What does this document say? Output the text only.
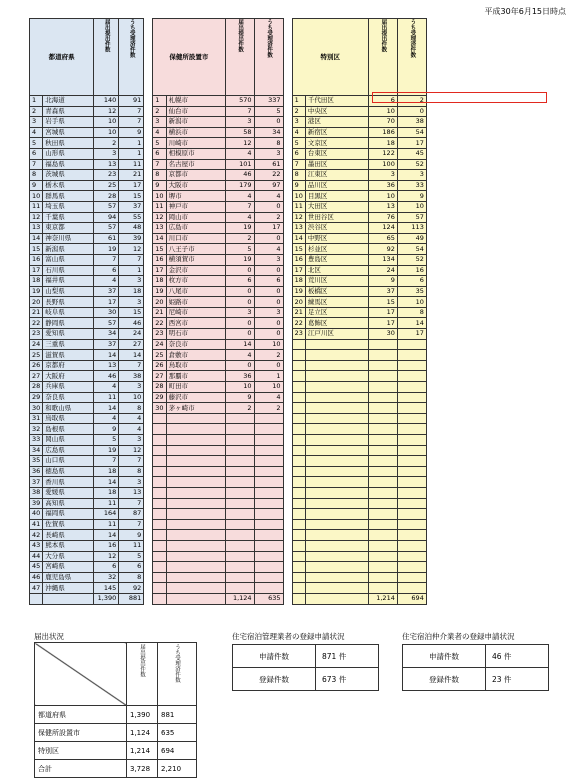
平成30年6月15日時点
都道府県		届出提出件数	うち受理済件数		保健所設置市		届出提出件数	うち受理済件数		特別区		届出提出件数	うち受理済件数
1	北海道	140	91		1	札幌市	570	337		1	千代田区	6	2
2	青森県	12	7		2	仙台市	7	5		2	中央区	10	0
3	岩手県	10	7		3	新潟市	3	0		3	港区	70	38
4	宮城県	10	9		4	横浜市	58	34		4	新宿区	186	54
5	秋田県	2	1		5	川崎市	12	8		5	文京区	18	17
6	山形県	3	1		6	相模原市	4	3		6	台東区	122	45
7	福島県	13	11		7	名古屋市	101	61		7	墨田区	100	52
8	茨城県	23	21		8	京都市	46	22		8	江東区	3	3
9	栃木県	25	17		9	大阪市	179	97		9	品川区	36	33
10	群馬県	28	15		10	堺市	4	4		10	目黒区	10	9
11	埼玉県	57	37		11	神戸市	7	0		11	大田区	13	10
12	千葉県	94	55		12	岡山市	4	2		12	世田谷区	76	57
13	東京都	57	48		13	広島市	19	17		13	渋谷区	124	113
14	神奈川県	61	39		14	川口市	2	0		14	中野区	65	49
15	新潟県	19	12		15	八王子市	5	4		15	杉並区	92	54
16	富山県	7	7		16	横須賀市	19	3		16	豊島区	134	52
17	石川県	6	1		17	金沢市	0	0		17	北区	24	16
18	福井県	4	3		18	枚方市	6	6		18	荒川区	9	6
19	山梨県	37	18		19	八尾市	0	0		19	板橋区	37	35
20	長野県	17	3		20	姫路市	0	0		20	練馬区	15	10
21	岐阜県	30	15		21	尼崎市	3	3		21	足立区	17	8
22	静岡県	57	46		22	西宮市	0	0		22	葛飾区	17	14
23	愛知県	34	24		23	明石市	0	0		23	江戸川区	30	17
24	三重県	37	27		24	奈良市	14	10					
25	滋賀県	14	14		25	倉敷市	4	2					
26	京都府	13	7		26	鳥取市	0	0					
27	大阪府	46	38		27	那覇市	36	1					
28	兵庫県	4	3		28	町田市	10	10					
29	奈良県	11	10		29	藤沢市	9	4					
30	和歌山県	14	8		30	茅ヶ崎市	2	2					
31	鳥取県	4	4										
32	島根県	9	4										
33	岡山県	5	3										
34	広島県	19	12										
35	山口県	7	7										
36	徳島県	18	8										
37	香川県	14	3										
38	愛媛県	18	13										
39	高知県	11	7										
40	福岡県	164	87										
41	佐賀県	11	7										
42	長崎県	14	9										
43	熊本県	16	11										
44	大分県	12	5										
45	宮崎県	6	6										
46	鹿児島県	32	8										
47	沖縄県	145	92										
		1,390	881				1,124	635				1,214	694
届出状況
	届出提出件数	うち受理済件数
都道府県	1,390	881
保健所設置市	1,124	635
特別区	1,214	694
合計	3,728	2,210
住宅宿泊管理業者の登録申請状況
申請件数	871 件
登録件数	673 件
住宅宿泊仲介業者の登録申請状況
申請件数	46 件
登録件数	23 件
